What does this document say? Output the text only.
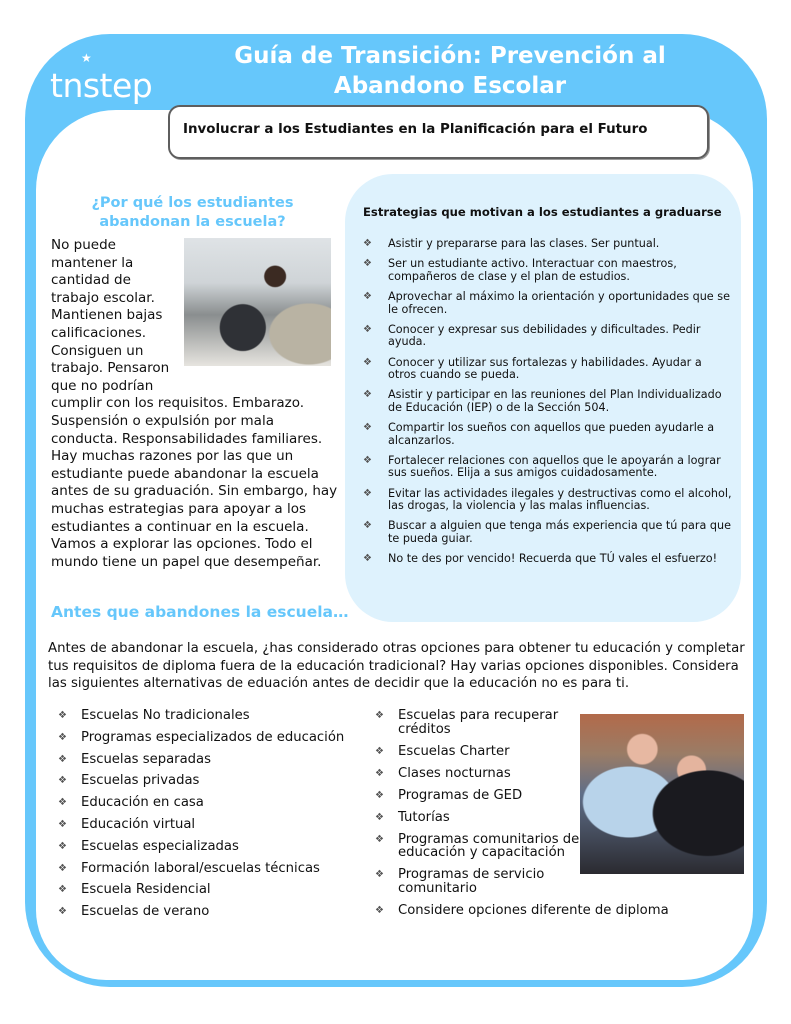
★
tnstep
Guía de Transición: Prevención al Abandono Escolar
Involucrar a los Estudiantes en la Planificación para el Futuro
¿Por qué los estudiantes abandonan la escuela?
No puede mantener la cantidad de trabajo escolar. Mantienen bajas calificaciones. Consiguen un trabajo. Pensaron que no podrían cumplir con los requisitos. Embarazo. Suspensión o expulsión por mala conducta. Responsabilidades familiares. Hay muchas razones por las que un estudiante puede abandonar la escuela antes de su graduación. Sin embargo, hay muchas estrategias para apoyar a los estudiantes a continuar en la escuela. Vamos a explorar las opciones. Todo el mundo tiene un papel que desempeñar.
Estrategias que motivan a los estudiantes a graduarse
❖ Asistir y prepararse para las clases. Ser puntual.
❖ Ser un estudiante activo. Interactuar con maestros, compañeros de clase y el plan de estudios.
❖ Aprovechar al máximo la orientación y oportunidades que se le ofrecen.
❖ Conocer y expresar sus debilidades y dificultades. Pedir ayuda.
❖ Conocer y utilizar sus fortalezas y habilidades. Ayudar a otros cuando se pueda.
❖ Asistir y participar en las reuniones del Plan Individualizado de Educación (IEP) o de la Sección 504.
❖ Compartir los sueños con aquellos que pueden ayudarle a alcanzarlos.
❖ Fortalecer relaciones con aquellos que le apoyarán a lograr sus sueños. Elija a sus amigos cuidadosamente.
❖ Evitar las actividades ilegales y destructivas como el alcohol, las drogas, la violencia y las malas influencias.
❖ Buscar a alguien que tenga más experiencia que tú para que te pueda guiar.
❖ No te des por vencido! Recuerda que TÚ vales el esfuerzo!
Antes que abandones la escuela…

Antes de abandonar la escuela, ¿has considerado otras opciones para obtener tu educación y completar tus requisitos de diploma fuera de la educación tradicional? Hay varias opciones disponibles. Considera las siguientes alternativas de eduación antes de decidir que la educación no es para ti.

❖ Escuelas No tradicionales
❖ Programas especializados de educación
❖ Escuelas separadas
❖ Escuelas privadas
❖ Educación en casa
❖ Educación virtual
❖ Escuelas especializadas
❖ Formación laboral/escuelas técnicas
❖ Escuela Residencial
❖ Escuelas de verano
❖ Escuelas para recuperar créditos
❖ Escuelas Charter
❖ Clases nocturnas
❖ Programas de GED
❖ Tutorías
❖ Programas comunitarios de educación y capacitación
❖ Programas de servicio comunitario
❖ Considere opciones diferente de diploma
